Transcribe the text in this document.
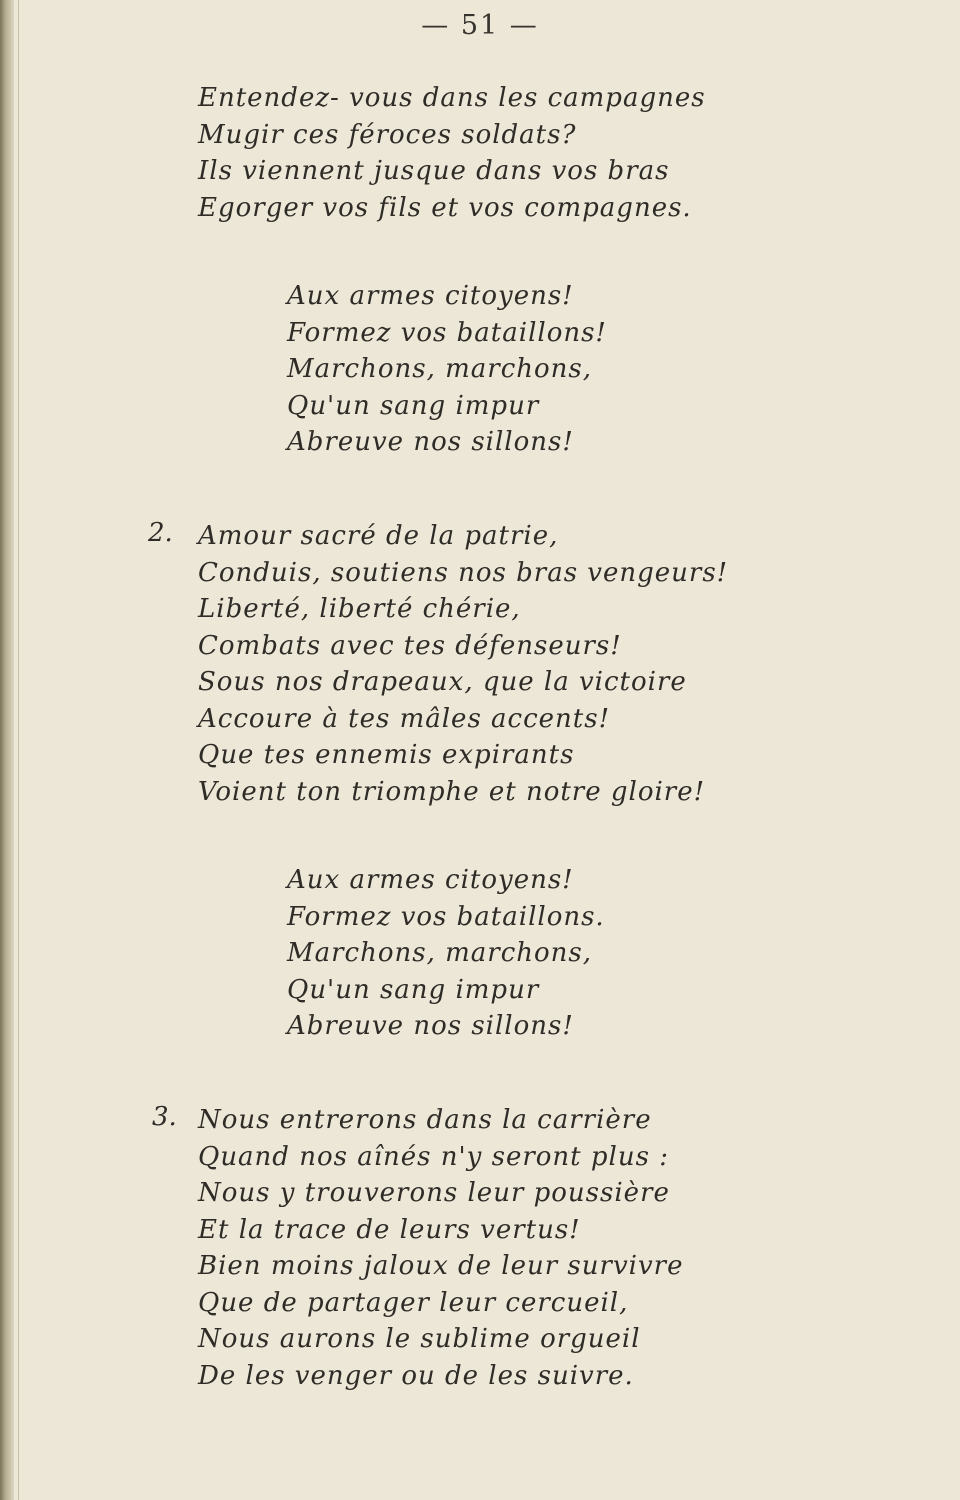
— 51 —
Entendez- vous dans les campagnes
Mugir ces féroces soldats?
Ils viennent jusque dans vos bras
Egorger vos fils et vos compagnes.
Aux armes citoyens!
Formez vos bataillons!
Marchons, marchons,
Qu'un sang impur
Abreuve nos sillons!
2. Amour sacré de la patrie,
Conduis, soutiens nos bras vengeurs!
Liberté, liberté chérie,
Combats avec tes défenseurs!
Sous nos drapeaux, que la victoire
Accoure à tes mâles accents!
Que tes ennemis expirants
Voient ton triomphe et notre gloire!
Aux armes citoyens!
Formez vos bataillons.
Marchons, marchons,
Qu'un sang impur
Abreuve nos sillons!
3. Nous entrerons dans la carrière
Quand nos aînés n'y seront plus :
Nous y trouverons leur poussière
Et la trace de leurs vertus!
Bien moins jaloux de leur survivre
Que de partager leur cercueil,
Nous aurons le sublime orgueil
De les venger ou de les suivre.
